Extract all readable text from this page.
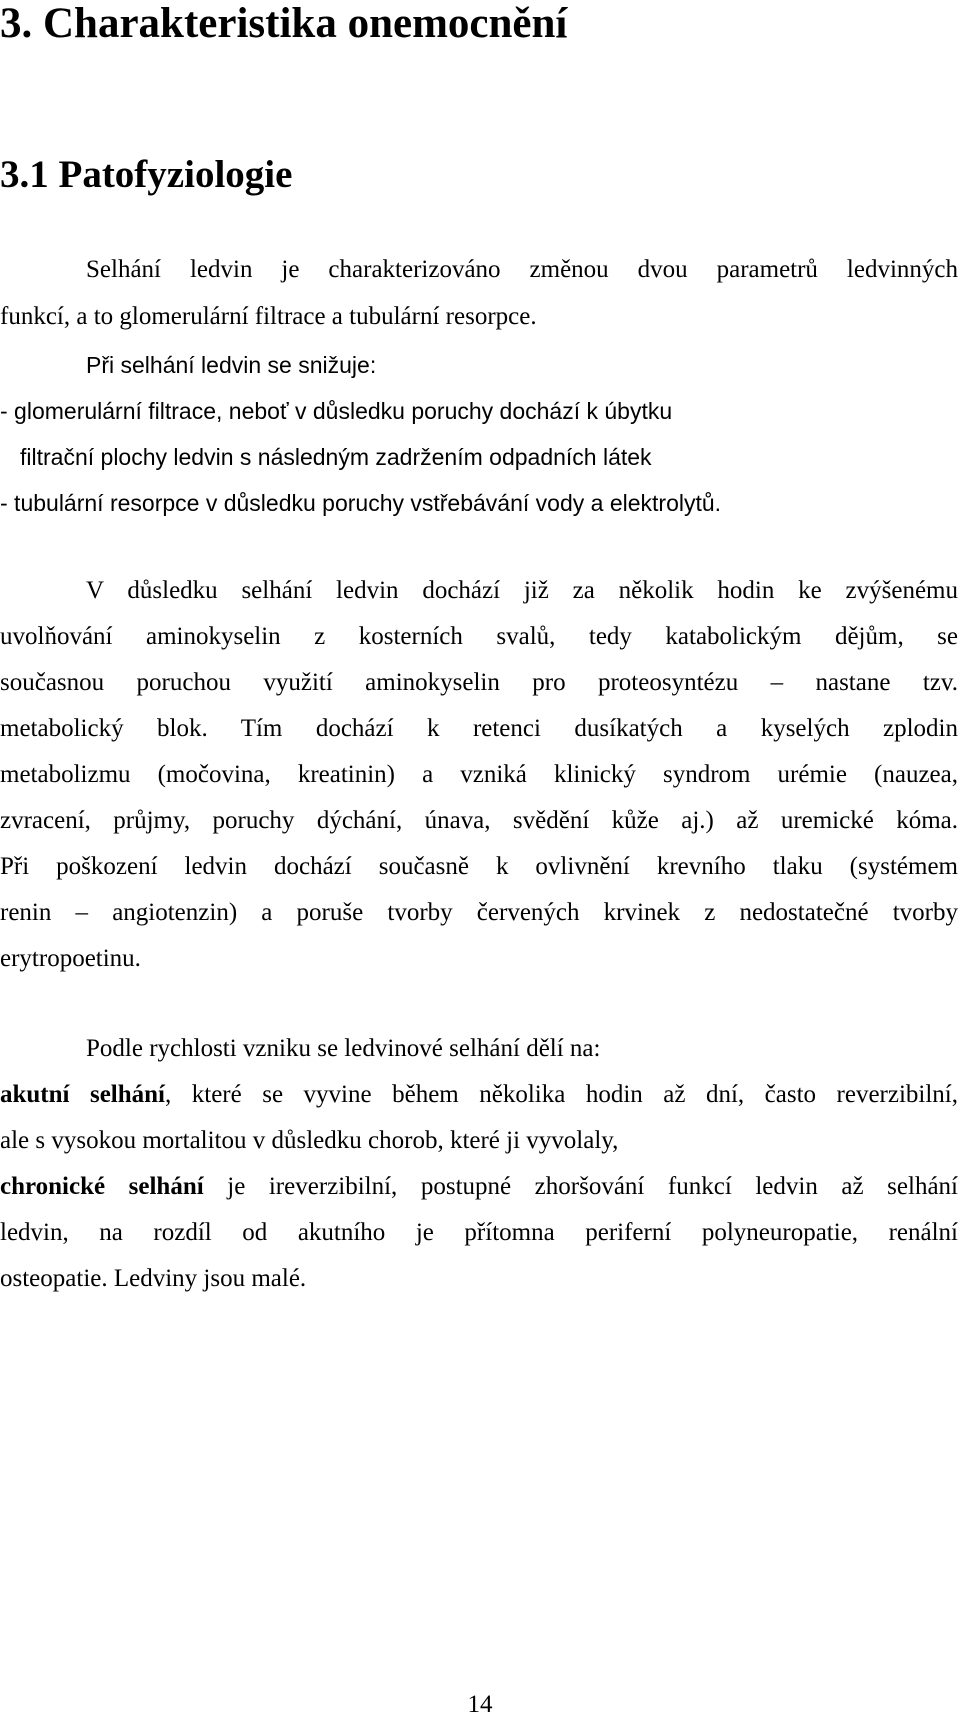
3. Charakteristika onemocnění
3.1 Patofyziologie

Selhání ledvin je charakterizováno změnou dvou parametrů ledvinných

funkcí, a to glomerulární filtrace a tubulární resorpce.

Při selhání ledvin se snižuje:

- glomerulární filtrace, neboť v důsledku poruchy dochází k úbytku

filtrační plochy ledvin s následným zadržením odpadních látek

- tubulární resorpce v důsledku poruchy vstřebávání vody a elektrolytů.

V důsledku selhání ledvin dochází již za několik hodin ke zvýšenému

uvolňování aminokyselin z kosterních svalů, tedy katabolickým dějům, se

současnou poruchou využití aminokyselin pro proteosyntézu – nastane tzv.

metabolický blok. Tím dochází k retenci dusíkatých a kyselých zplodin

metabolizmu (močovina, kreatinin) a vzniká klinický syndrom urémie (nauzea,

zvracení, průjmy, poruchy dýchání, únava, svědění kůže aj.) až uremické kóma.

Při poškození ledvin dochází současně k ovlivnění krevního tlaku (systémem

renin – angiotenzin) a poruše tvorby červených krvinek z nedostatečné tvorby

erytropoetinu.

Podle rychlosti vzniku se ledvinové selhání dělí na:

akutní selhání, které se vyvine během několika hodin až dní, často reverzibilní,

ale s vysokou mortalitou v důsledku chorob, které ji vyvolaly,

chronické selhání je ireverzibilní, postupné zhoršování funkcí ledvin až selhání

ledvin, na rozdíl od akutního je přítomna periferní polyneuropatie, renální

osteopatie. Ledviny jsou malé.

14
